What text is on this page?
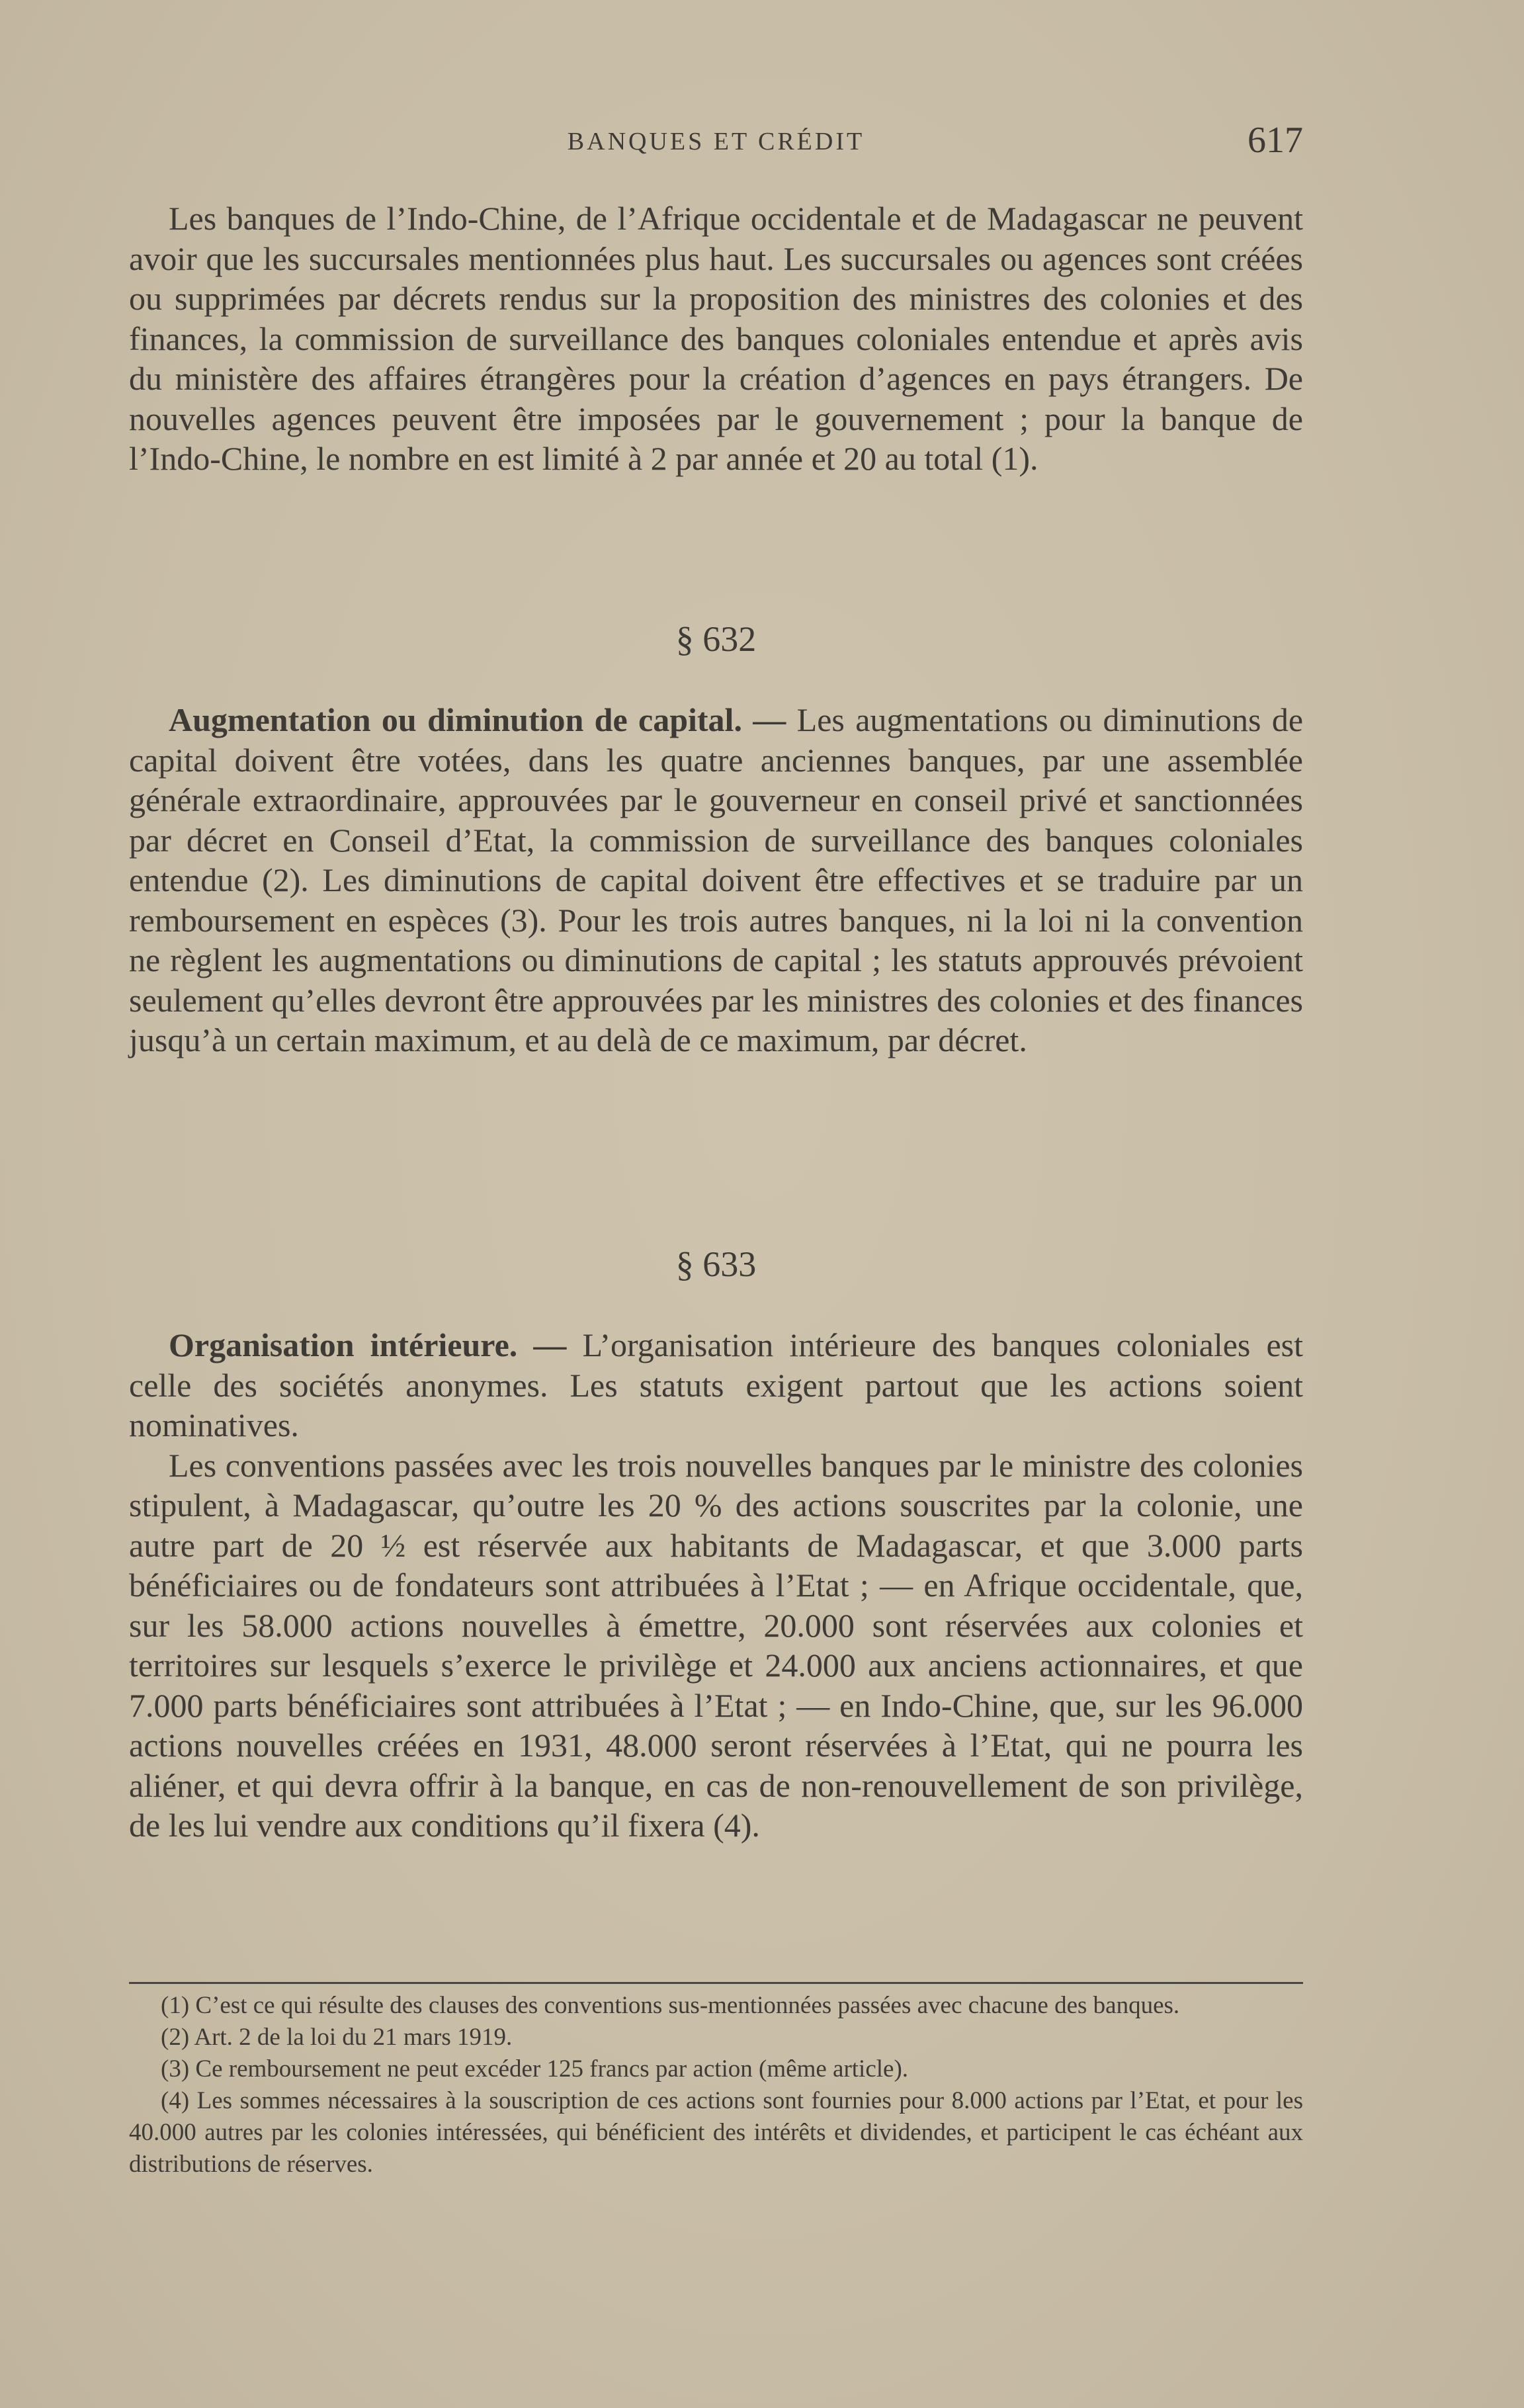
BANQUES ET CRÉDIT	617

Les banques de l’Indo-Chine, de l’Afrique occidentale et de Madagascar ne peuvent avoir que les succursales mentionnées plus haut. Les succursales ou agences sont créées ou supprimées par décrets rendus sur la proposition des ministres des colonies et des finances, la commission de surveillance des banques coloniales entendue et après avis du ministère des affaires étrangères pour la création d’agences en pays étrangers. De nouvelles agences peuvent être imposées par le gouvernement ; pour la banque de l’Indo-Chine, le nombre en est limité à 2 par année et 20 au total (1).

§ 632

Augmentation ou diminution de capital. — Les augmentations ou diminutions de capital doivent être votées, dans les quatre anciennes banques, par une assemblée générale extraordinaire, approuvées par le gouverneur en conseil privé et sanctionnées par décret en Conseil d’Etat, la commission de surveillance des banques coloniales entendue (2). Les diminutions de capital doivent être effectives et se traduire par un remboursement en espèces (3). Pour les trois autres banques, ni la loi ni la convention ne règlent les augmentations ou diminutions de capital ; les statuts approuvés prévoient seulement qu’elles devront être approuvées par les ministres des colonies et des finances jusqu’à un certain maximum, et au delà de ce maximum, par décret.

§ 633

Organisation intérieure. — L’organisation intérieure des banques coloniales est celle des sociétés anonymes. Les statuts exigent partout que les actions soient nominatives.

Les conventions passées avec les trois nouvelles banques par le ministre des colonies stipulent, à Madagascar, qu’outre les 20 % des actions souscrites par la colonie, une autre part de 20 ½ est réservée aux habitants de Madagascar, et que 3.000 parts bénéficiaires ou de fondateurs sont attribuées à l’Etat ; — en Afrique occidentale, que, sur les 58.000 actions nouvelles à émettre, 20.000 sont réservées aux colonies et territoires sur lesquels s’exerce le privilège et 24.000 aux anciens actionnaires, et que 7.000 parts bénéficiaires sont attribuées à l’Etat ; — en Indo-Chine, que, sur les 96.000 actions nouvelles créées en 1931, 48.000 seront réservées à l’Etat, qui ne pourra les aliéner, et qui devra offrir à la banque, en cas de non-renouvellement de son privilège, de les lui vendre aux conditions qu’il fixera (4).

(1) C’est ce qui résulte des clauses des conventions sus-mentionnées passées avec chacune des banques.

(2) Art. 2 de la loi du 21 mars 1919.

(3) Ce remboursement ne peut excéder 125 francs par action (même article).

(4) Les sommes nécessaires à la souscription de ces actions sont fournies pour 8.000 actions par l’Etat, et pour les 40.000 autres par les colonies intéressées, qui bénéficient des intérêts et dividendes, et participent le cas échéant aux distributions de réserves.
